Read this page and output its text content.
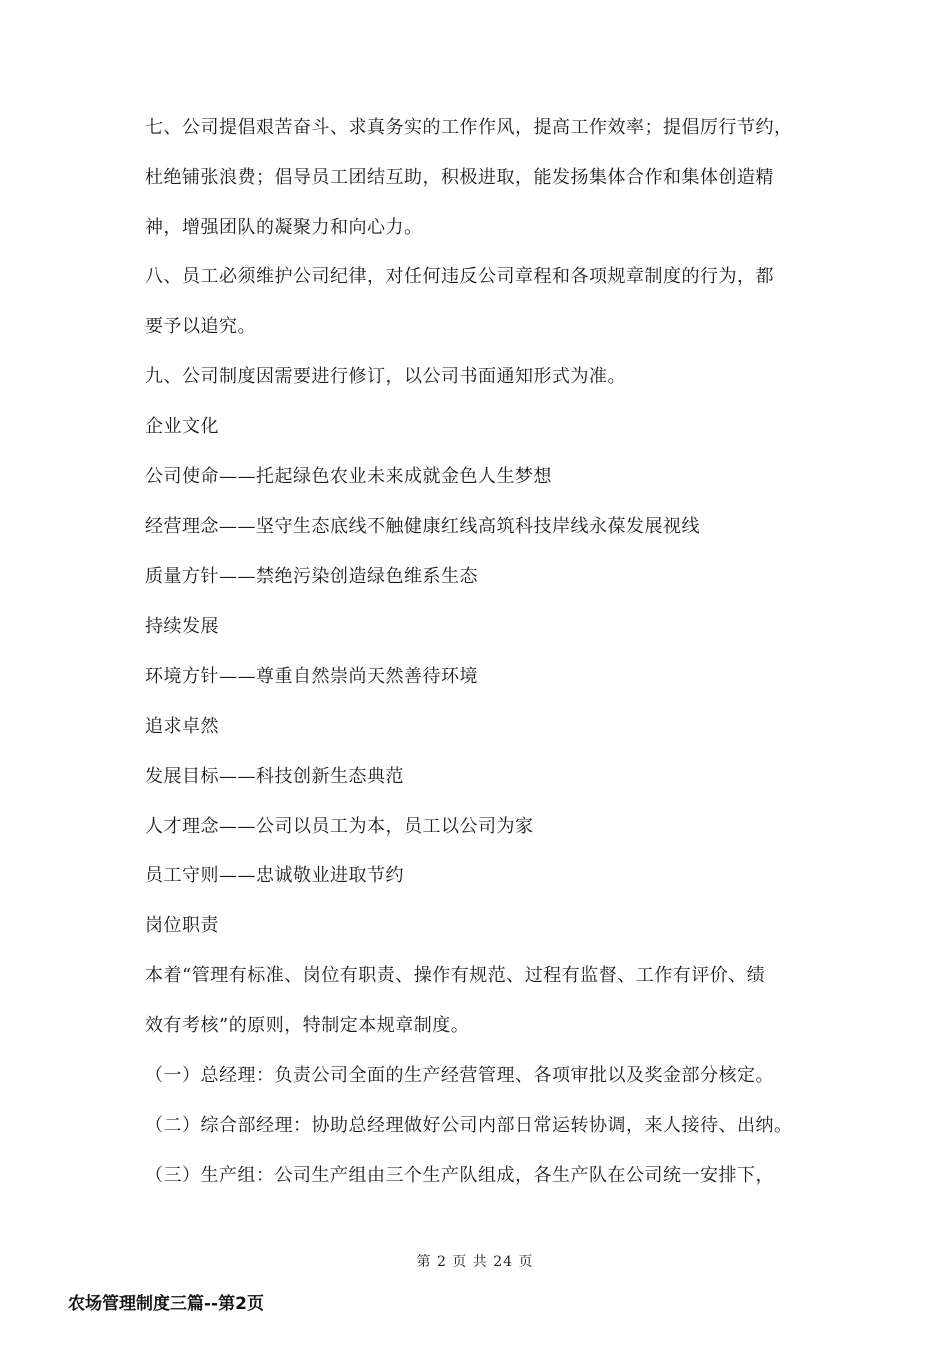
七、公司提倡艰苦奋斗、求真务实的工作作风，提高工作效率；提倡厉行节约，
杜绝铺张浪费；倡导员工团结互助，积极进取，能发扬集体合作和集体创造精
神，增强团队的凝聚力和向心力。
八、员工必须维护公司纪律，对任何违反公司章程和各项规章制度的行为，都
要予以追究。
九、公司制度因需要进行修订，以公司书面通知形式为准。
企业文化
公司使命——托起绿色农业未来成就金色人生梦想
经营理念——坚守生态底线不触健康红线高筑科技岸线永葆发展视线
质量方针——禁绝污染创造绿色维系生态
持续发展
环境方针——尊重自然崇尚天然善待环境
追求卓然
发展目标——科技创新生态典范
人才理念——公司以员工为本，员工以公司为家
员工守则——忠诚敬业进取节约
岗位职责
本着“管理有标准、岗位有职责、操作有规范、过程有监督、工作有评价、绩
效有考核”的原则，特制定本规章制度。
（一）总经理：负责公司全面的生产经营管理、各项审批以及奖金部分核定。
（二）综合部经理：协助总经理做好公司内部日常运转协调，来人接待、出纳。
（三）生产组：公司生产组由三个生产队组成，各生产队在公司统一安排下，
第 2 页 共 24 页
农场管理制度三篇--第2页
